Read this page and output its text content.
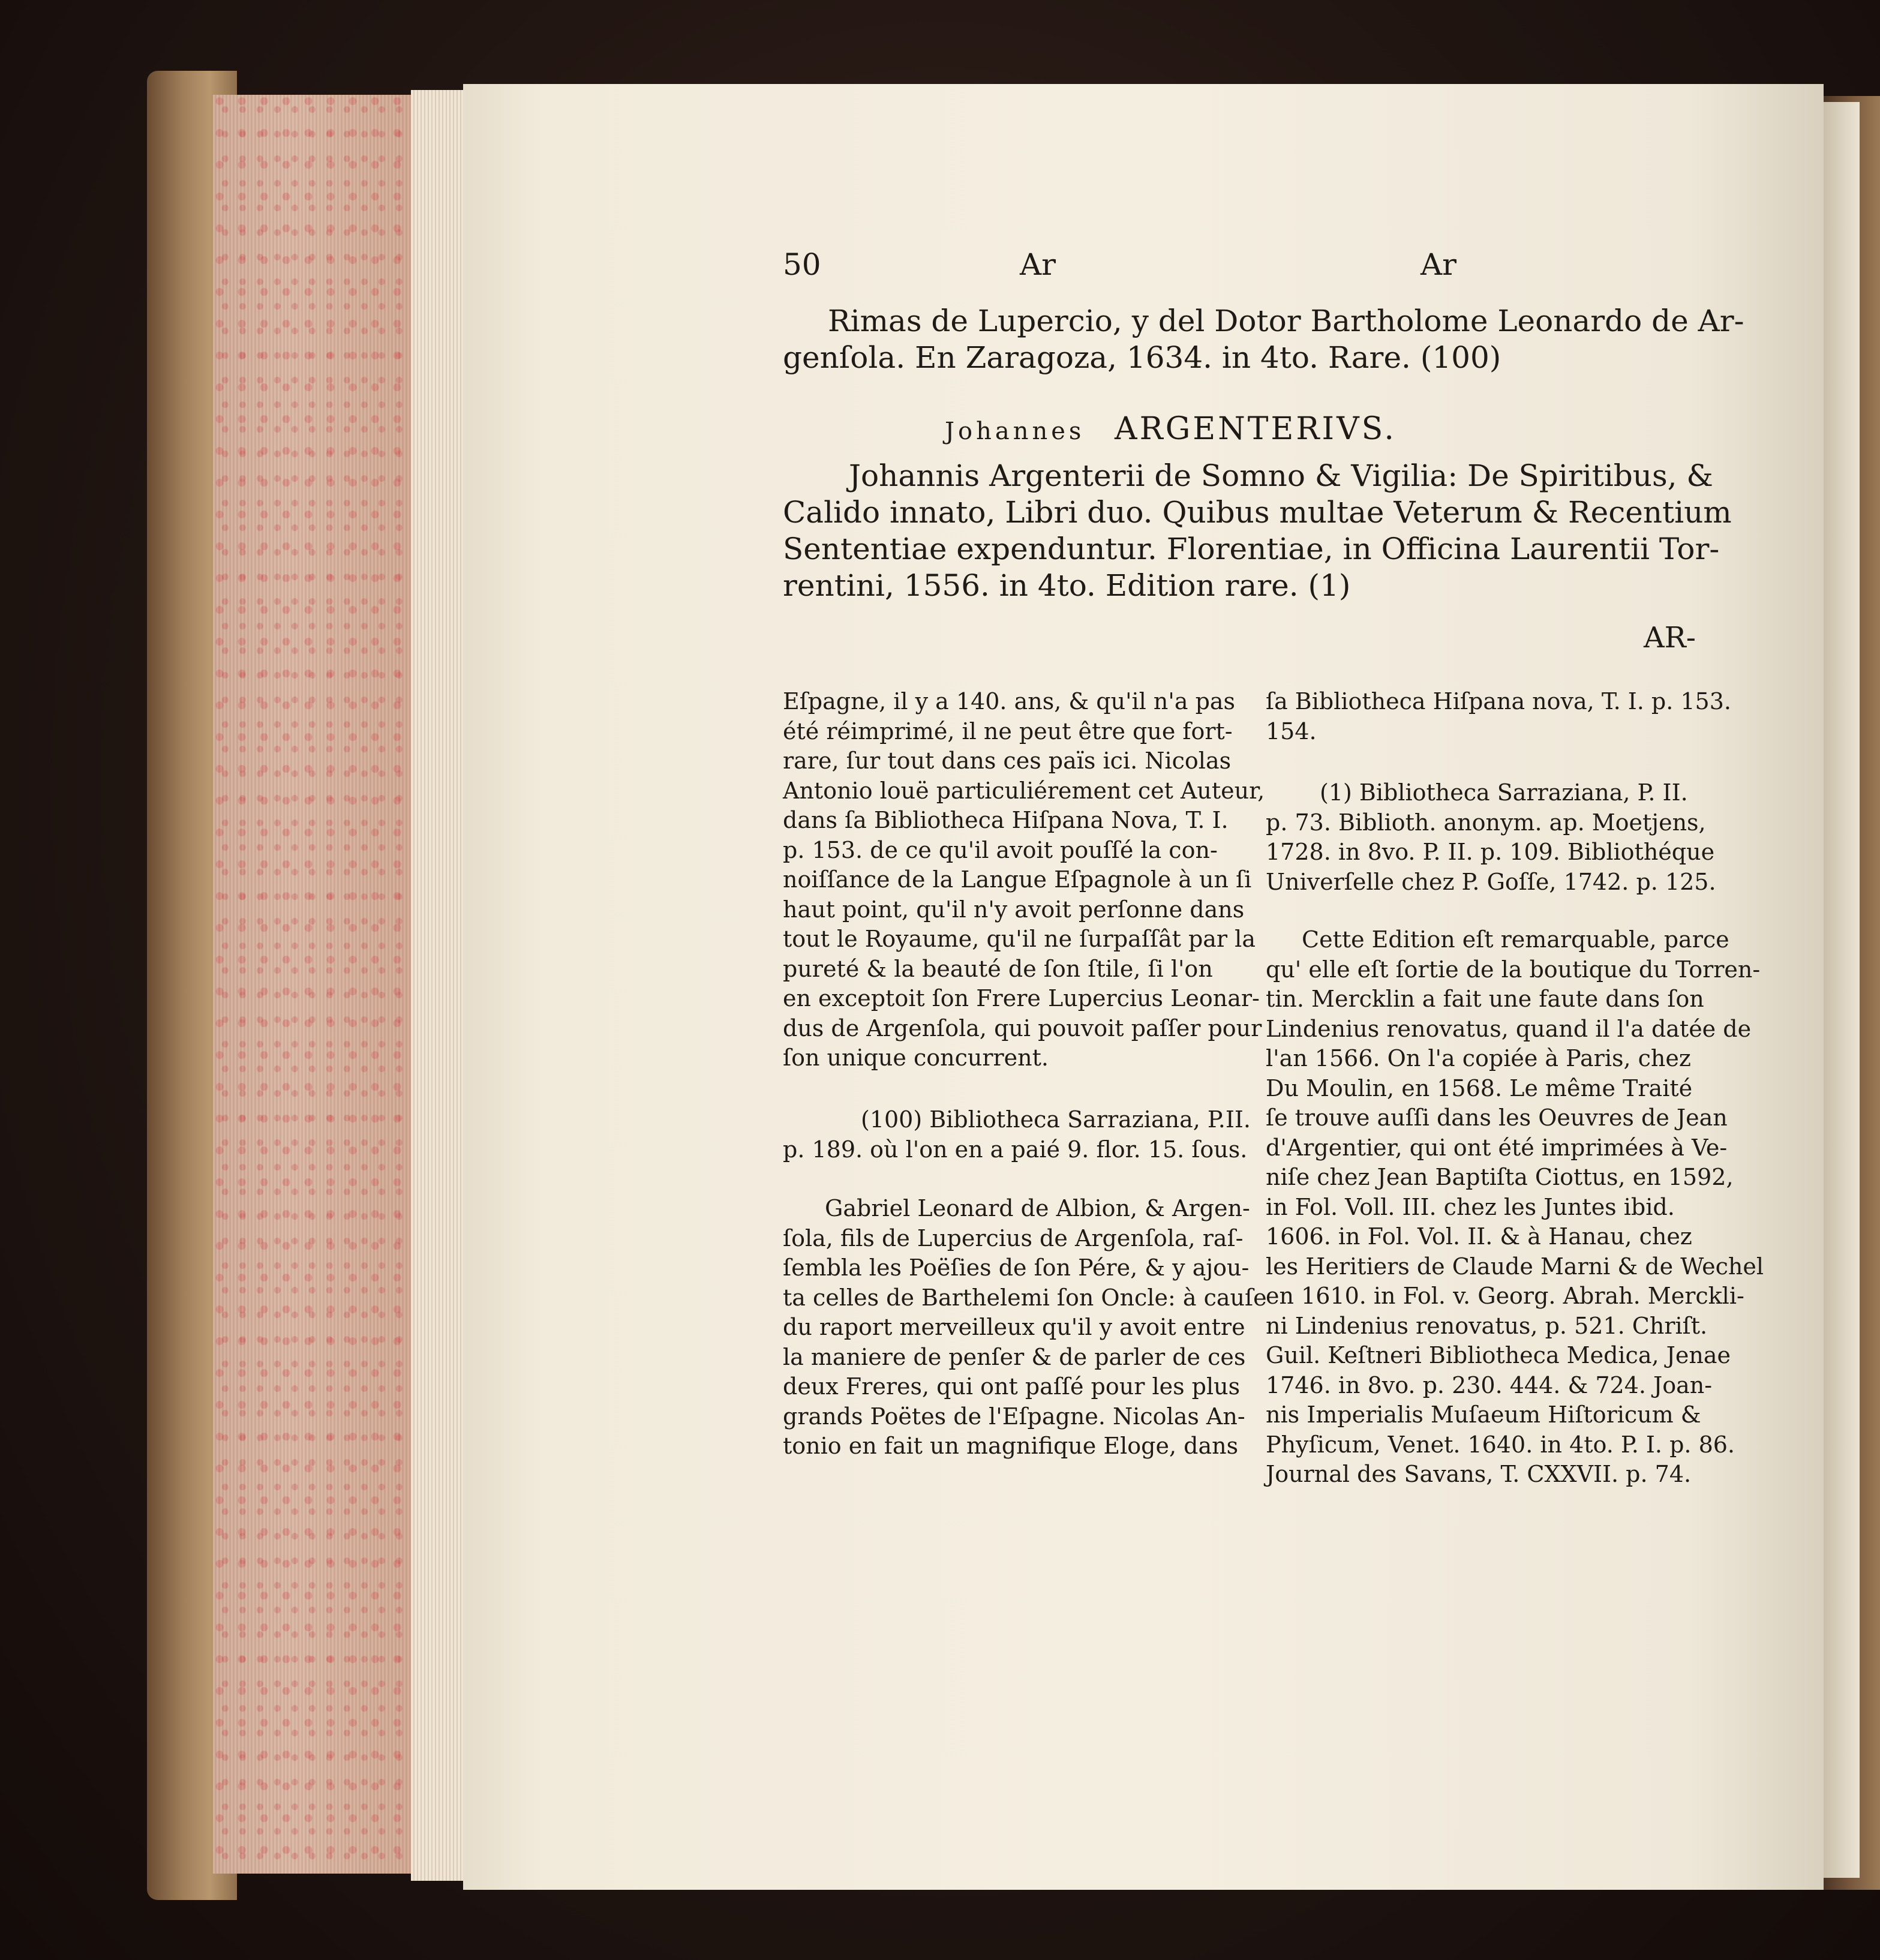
50	Ar	Ar
Rimas de Lupercio, y del Dotor Bartholome Leonardo de Ar-
genſola. En Zaragoza, 1634. in 4to. Rare. (100)
Johannes ARGENTERIVS.
Johannis Argenterii de Somno & Vigilia: De Spiritibus, &
Calido innato, Libri duo. Quibus multae Veterum & Recentium
Sententiae expenduntur. Florentiae, in Officina Laurentii Tor-
rentini, 1556. in 4to. Edition rare. (1)
AR-
Eſpagne, il y a 140. ans, & qu'il n'a pas
été réimprimé, il ne peut être que fort-
rare, ſur tout dans ces païs ici. Nicolas
Antonio louë particuliérement cet Auteur,
dans ſa Bibliotheca Hiſpana Nova, T. I.
p. 153. de ce qu'il avoit pouſſé la con-
noiſſance de la Langue Eſpagnole à un ſi
haut point, qu'il n'y avoit perſonne dans
tout le Royaume, qu'il ne ſurpaſſât par la
pureté & la beauté de ſon ſtile, ſi l'on
en exceptoit ſon Frere Lupercius Leonar-
dus de Argenſola, qui pouvoit paſſer pour
ſon unique concurrent.
(100) Bibliotheca Sarraziana, P.II.
p. 189. où l'on en a paié 9. flor. 15. ſous.
Gabriel Leonard de Albion, & Argen-
ſola, fils de Lupercius de Argenſola, raſ-
ſembla les Poëſies de ſon Pére, & y ajou-
ta celles de Barthelemi ſon Oncle: à cauſe
du raport merveilleux qu'il y avoit entre
la maniere de penſer & de parler de ces
deux Freres, qui ont paſſé pour les plus
grands Poëtes de l'Eſpagne. Nicolas An-
tonio en fait un magnifique Eloge, dans
ſa Bibliotheca Hiſpana nova, T. I. p. 153.
154.
(1) Bibliotheca Sarraziana, P. II.
p. 73. Biblioth. anonym. ap. Moetjens,
1728. in 8vo. P. II. p. 109. Bibliothéque
Univerſelle chez P. Goſſe, 1742. p. 125.
Cette Edition eſt remarquable, parce
qu' elle eſt ſortie de la boutique du Torren-
tin. Mercklin a fait une faute dans ſon
Lindenius renovatus, quand il l'a datée de
l'an 1566. On l'a copiée à Paris, chez
Du Moulin, en 1568. Le même Traité
ſe trouve auſſi dans les Oeuvres de Jean
d'Argentier, qui ont été imprimées à Ve-
niſe chez Jean Baptiſta Ciottus, en 1592,
in Fol. Voll. III. chez les Juntes ibid.
1606. in Fol. Vol. II. & à Hanau, chez
les Heritiers de Claude Marni & de Wechel
en 1610. in Fol. v. Georg. Abrah. Merckli-
ni Lindenius renovatus, p. 521. Chriſt.
Guil. Keſtneri Bibliotheca Medica, Jenae
1746. in 8vo. p. 230. 444. & 724. Joan-
nis Imperialis Muſaeum Hiſtoricum &
Phyſicum, Venet. 1640. in 4to. P. I. p. 86.
Journal des Savans, T. CXXVII. p. 74.
